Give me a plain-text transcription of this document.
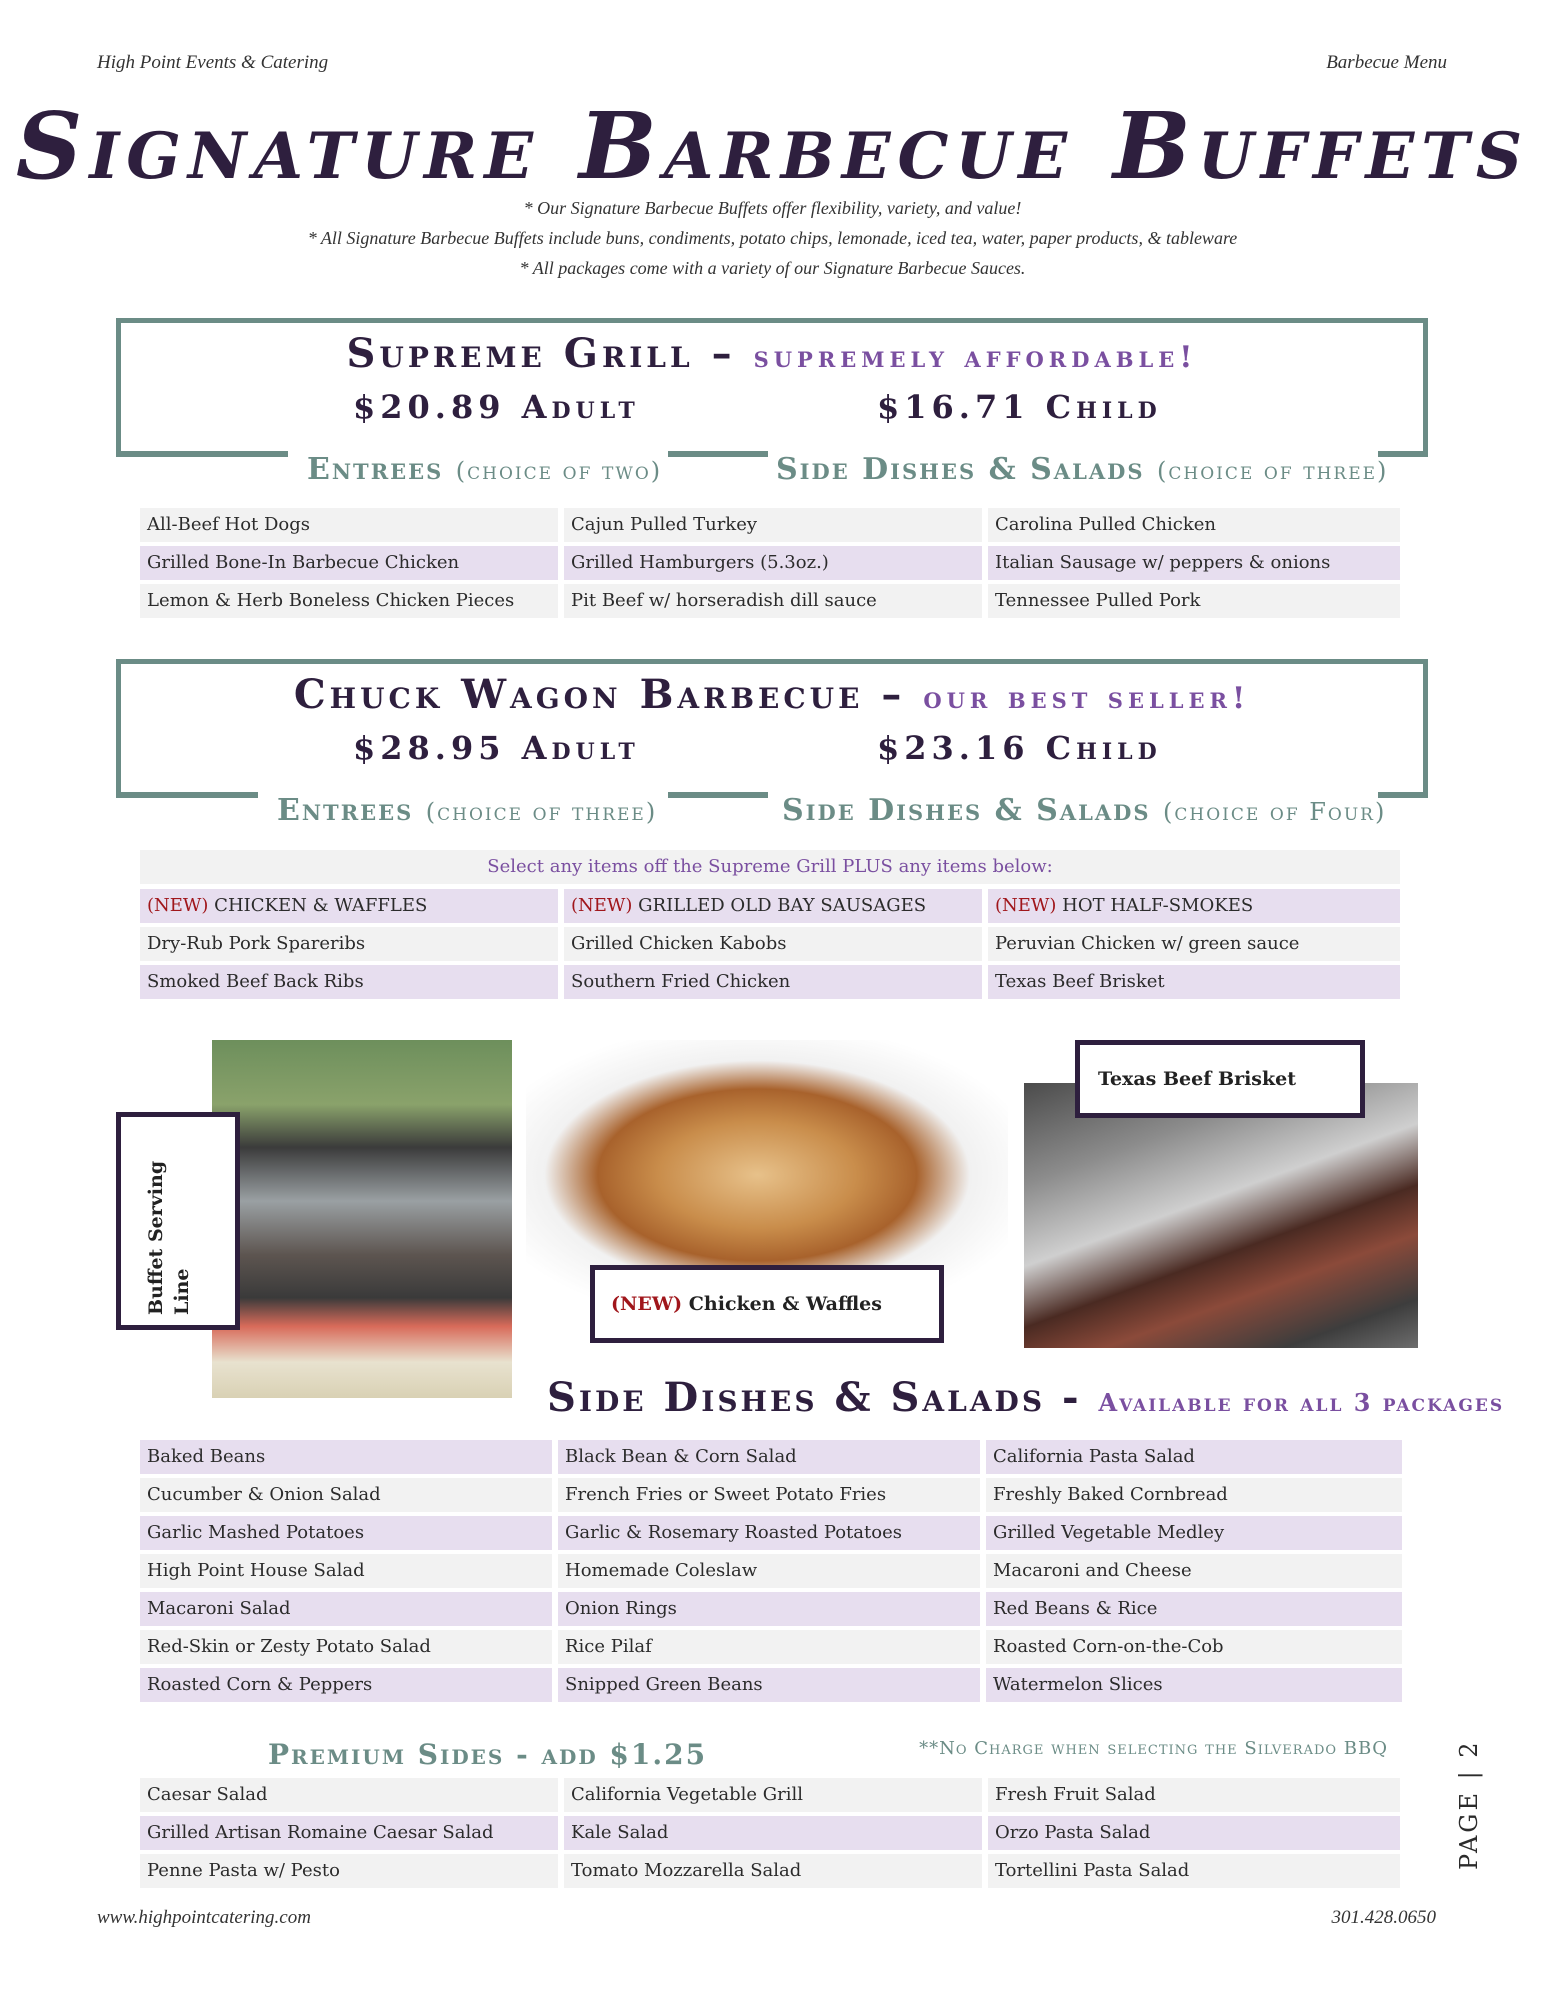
High Point Events & Catering	Barbecue Menu
Signature Barbecue Buffets
* Our Signature Barbecue Buffets offer flexibility, variety, and value!
* All Signature Barbecue Buffets include buns, condiments, potato chips, lemonade, iced tea, water, paper products, & tableware
* All packages come with a variety of our Signature Barbecue Sauces.
Supreme Grill – supremely affordable!
$20.89 Adult	$16.71 Child
Entrees (choice of two)	Side Dishes & Salads (choice of three)
All-Beef Hot Dogs	Cajun Pulled Turkey	Carolina Pulled Chicken
Grilled Bone-In Barbecue Chicken	Grilled Hamburgers (5.3oz.)	Italian Sausage w/ peppers & onions
Lemon & Herb Boneless Chicken Pieces	Pit Beef w/ horseradish dill sauce	Tennessee Pulled Pork
Chuck Wagon Barbecue – our best seller!
$28.95 Adult	$23.16 Child
Entrees (choice of three)	Side Dishes & Salads (choice of Four)
Select any items off the Supreme Grill PLUS any items below:
(NEW) CHICKEN & WAFFLES	(NEW) GRILLED OLD BAY SAUSAGES	(NEW) HOT HALF-SMOKES
Dry-Rub Pork Spareribs	Grilled Chicken Kabobs	Peruvian Chicken w/ green sauce
Smoked Beef Back Ribs	Southern Fried Chicken	Texas Beef Brisket
Buffet Serving Line	(NEW) Chicken & Waffles
Texas Beef Brisket
Side Dishes & Salads - Available for all 3 packages
Baked Beans	Black Bean & Corn Salad	California Pasta Salad
Cucumber & Onion Salad	French Fries or Sweet Potato Fries	Freshly Baked Cornbread
Garlic Mashed Potatoes	Garlic & Rosemary Roasted Potatoes	Grilled Vegetable Medley
High Point House Salad	Homemade Coleslaw	Macaroni and Cheese
Macaroni Salad	Onion Rings	Red Beans & Rice
Red-Skin or Zesty Potato Salad	Rice Pilaf	Roasted Corn-on-the-Cob
Roasted Corn & Peppers	Snipped Green Beans	Watermelon Slices
Premium Sides - add $1.25	**No Charge when selecting the Silverado BBQ
Caesar Salad	California Vegetable Grill	Fresh Fruit Salad
Grilled Artisan Romaine Caesar Salad	Kale Salad	Orzo Pasta Salad
Penne Pasta w/ Pesto	Tomato Mozzarella Salad	Tortellini Pasta Salad
PAGE | 2
www.highpointcatering.com	301.428.0650
